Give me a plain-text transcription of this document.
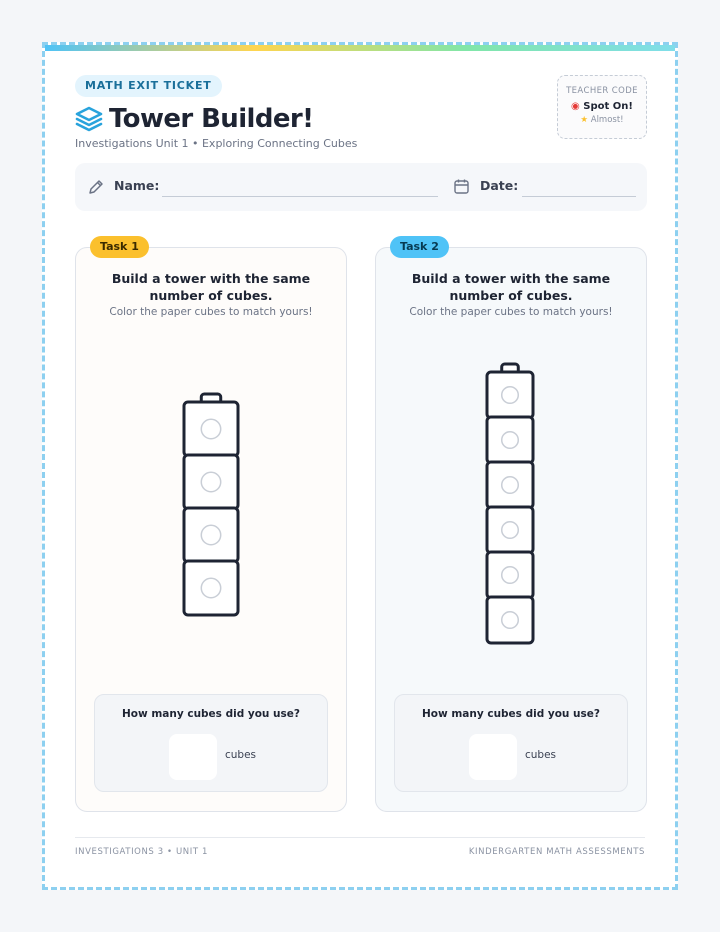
MATH EXIT TICKET
Tower Builder!
Investigations Unit 1 • Exploring Connecting Cubes
TEACHER CODE
◉ Spot On!
★ Almost!
Name:	Date:
Task 1
Build a tower with the same number of cubes.
Color the paper cubes to match yours!
How many cubes did you use?
cubes
Task 2
Build a tower with the same number of cubes.
Color the paper cubes to match yours!
How many cubes did you use?
cubes
INVESTIGATIONS 3 • UNIT 1	KINDERGARTEN MATH ASSESSMENTS
